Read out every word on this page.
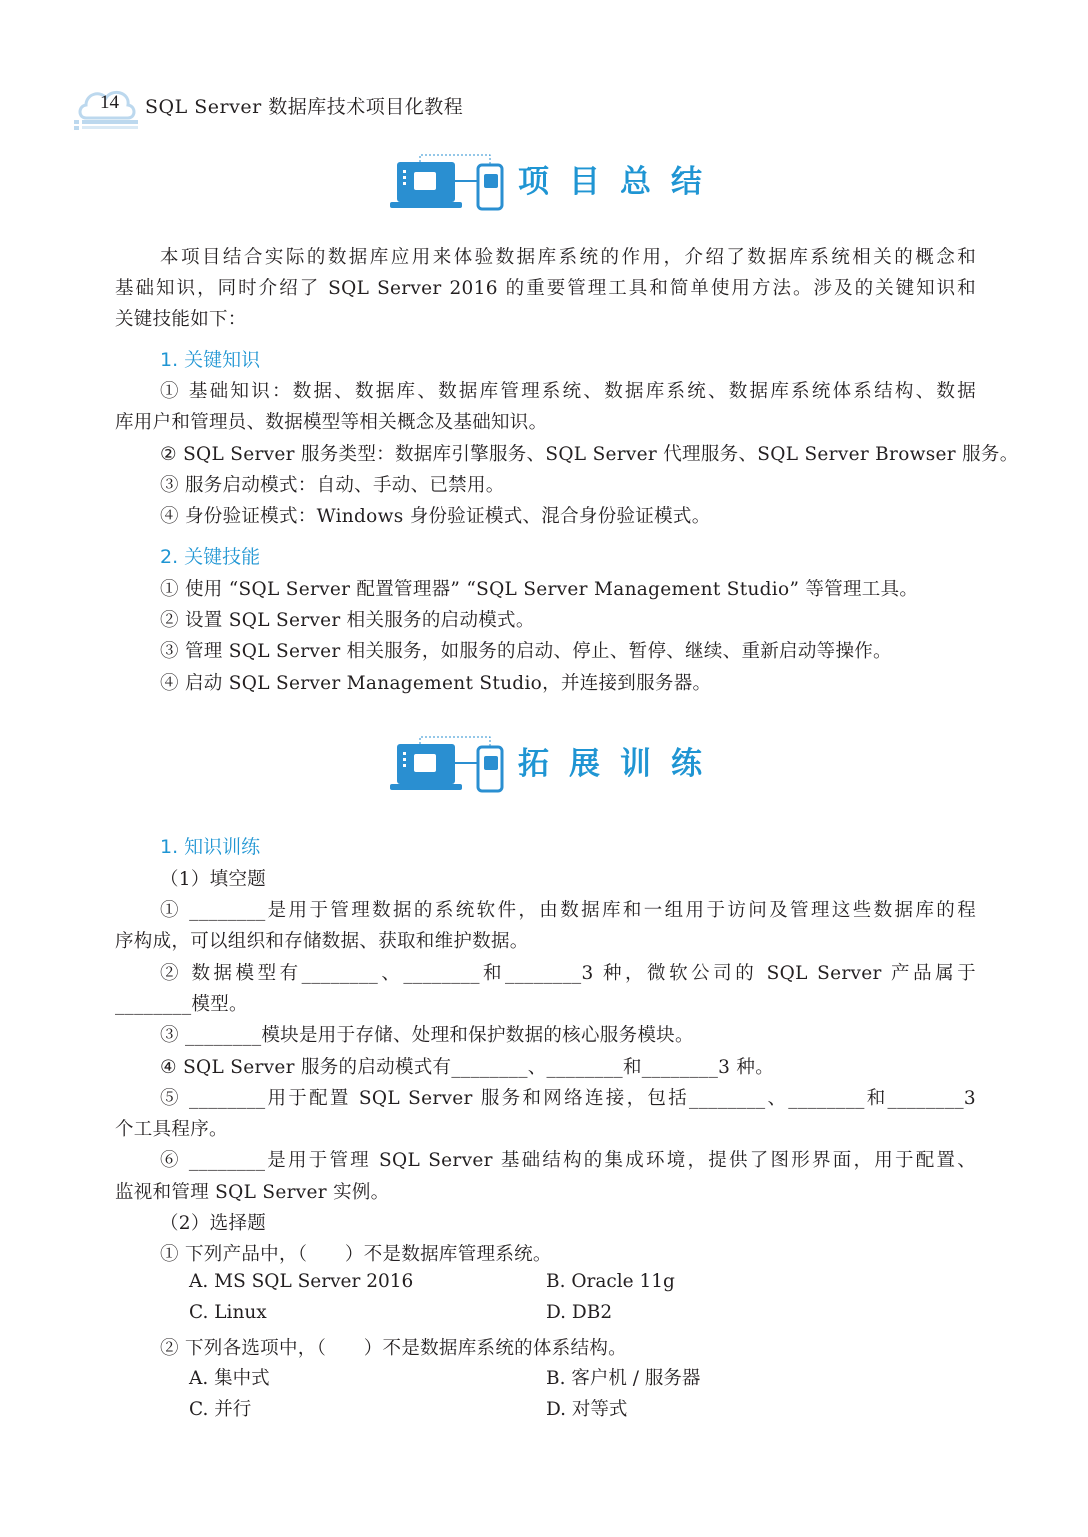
14 SQL Server 数据库技术项目化教程
项目总结
本项目结合实际的数据库应用来体验数据库系统的作用，介绍了数据库系统相关的概念和
基础知识，同时介绍了 SQL Server 2016 的重要管理工具和简单使用方法。涉及的关键知识和
关键技能如下：
1. 关键知识
① 基础知识：数据、数据库、数据库管理系统、数据库系统、数据库系统体系结构、数据
库用户和管理员、数据模型等相关概念及基础知识。
② SQL Server 服务类型：数据库引擎服务、SQL Server 代理服务、SQL Server Browser 服务。
③ 服务启动模式：自动、手动、已禁用。
④ 身份验证模式：Windows 身份验证模式、混合身份验证模式。
2. 关键技能
① 使用 “SQL Server 配置管理器” “SQL Server Management Studio” 等管理工具。
② 设置 SQL Server 相关服务的启动模式。
③ 管理 SQL Server 相关服务，如服务的启动、停止、暂停、继续、重新启动等操作。
④ 启动 SQL Server Management Studio，并连接到服务器。
拓展训练
1. 知识训练
（1）填空题
① ________是用于管理数据的系统软件，由数据库和一组用于访问及管理这些数据库的程
序构成，可以组织和存储数据、获取和维护数据。
② 数据模型有________、________和________3 种，微软公司的 SQL Server 产品属于
________模型。
③ ________模块是用于存储、处理和保护数据的核心服务模块。
④ SQL Server 服务的启动模式有________、________和________3 种。
⑤ ________用于配置 SQL Server 服务和网络连接，包括________、________和________3
个工具程序。
⑥ ________是用于管理 SQL Server 基础结构的集成环境，提供了图形界面，用于配置、
监视和管理 SQL Server 实例。
（2）选择题
① 下列产品中，（　　）不是数据库管理系统。
A. MS SQL Server 2016	B. Oracle 11g
C. Linux	D. DB2
② 下列各选项中，（　　）不是数据库系统的体系结构。
A. 集中式	B. 客户机 / 服务器
C. 并行	D. 对等式
